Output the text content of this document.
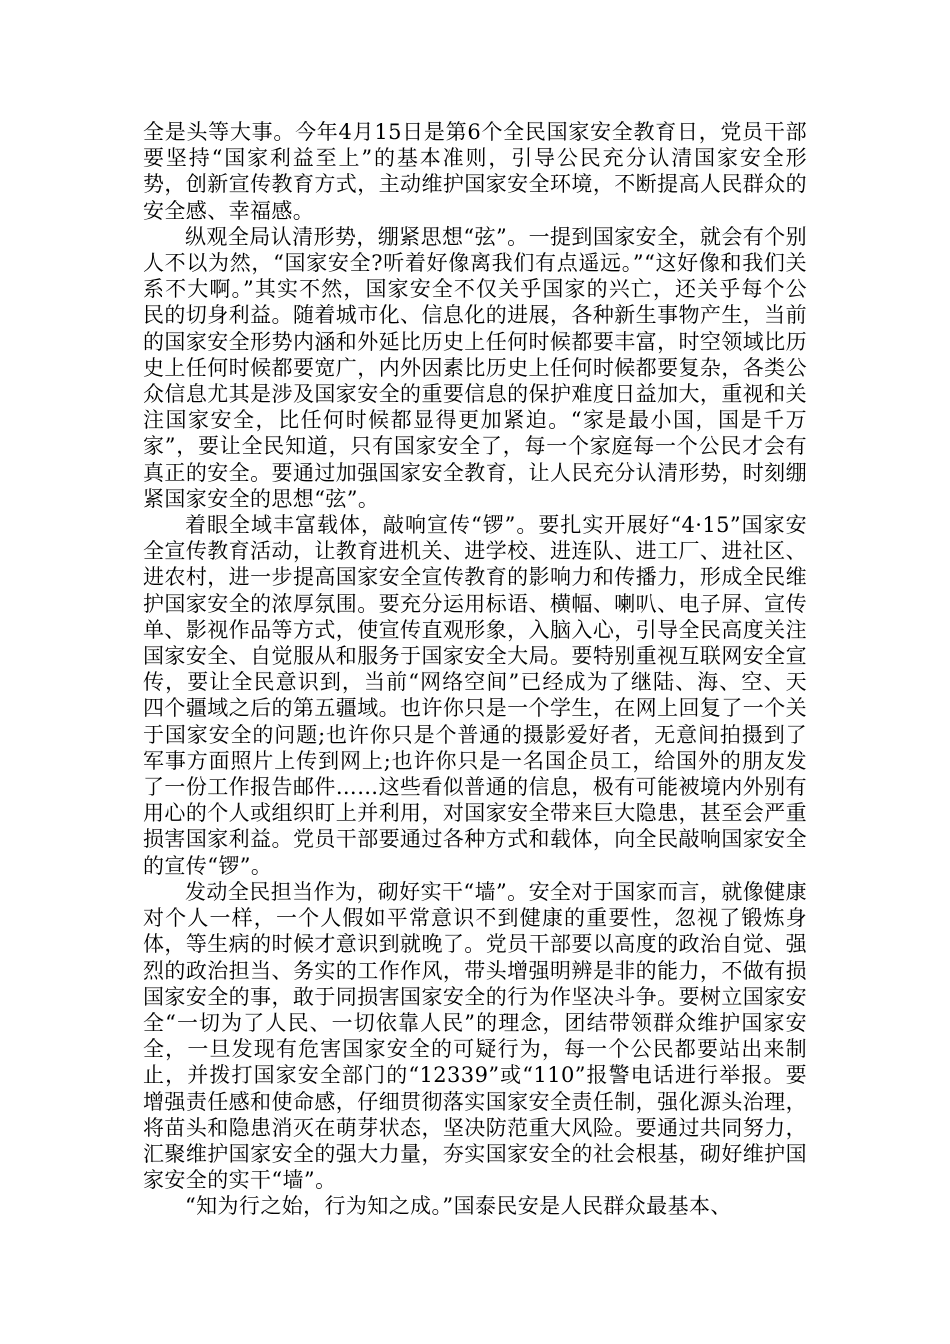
全是头等大事。今年4月15日是第6个全民国家安全教育日，党员干部要坚持“国家利益至上”的基本准则，引导公民充分认清国家安全形势，创新宣传教育方式，主动维护国家安全环境，不断提高人民群众的安全感、幸福感。

纵观全局认清形势，绷紧思想“弦”。一提到国家安全，就会有个别人不以为然，“国家安全?听着好像离我们有点遥远。”“这好像和我们关系不大啊。”其实不然，国家安全不仅关乎国家的兴亡，还关乎每个公民的切身利益。随着城市化、信息化的进展，各种新生事物产生，当前的国家安全形势内涵和外延比历史上任何时候都要丰富，时空领域比历史上任何时候都要宽广，内外因素比历史上任何时候都要复杂，各类公众信息尤其是涉及国家安全的重要信息的保护难度日益加大，重视和关注国家安全，比任何时候都显得更加紧迫。“家是最小国，国是千万家”，要让全民知道，只有国家安全了，每一个家庭每一个公民才会有真正的安全。要通过加强国家安全教育，让人民充分认清形势，时刻绷紧国家安全的思想“弦”。

着眼全域丰富载体，敲响宣传“锣”。要扎实开展好“4·15”国家安全宣传教育活动，让教育进机关、进学校、进连队、进工厂、进社区、进农村，进一步提高国家安全宣传教育的影响力和传播力，形成全民维护国家安全的浓厚氛围。要充分运用标语、横幅、喇叭、电子屏、宣传单、影视作品等方式，使宣传直观形象，入脑入心，引导全民高度关注国家安全、自觉服从和服务于国家安全大局。要特别重视互联网安全宣传，要让全民意识到，当前“网络空间”已经成为了继陆、海、空、天四个疆域之后的第五疆域。也许你只是一个学生，在网上回复了一个关于国家安全的问题;也许你只是个普通的摄影爱好者，无意间拍摄到了军事方面照片上传到网上;也许你只是一名国企员工，给国外的朋友发了一份工作报告邮件……这些看似普通的信息，极有可能被境内外别有用心的个人或组织盯上并利用，对国家安全带来巨大隐患，甚至会严重损害国家利益。党员干部要通过各种方式和载体，向全民敲响国家安全的宣传“锣”。

发动全民担当作为，砌好实干“墙”。安全对于国家而言，就像健康对个人一样，一个人假如平常意识不到健康的重要性，忽视了锻炼身体，等生病的时候才意识到就晚了。党员干部要以高度的政治自觉、强烈的政治担当、务实的工作作风，带头增强明辨是非的能力，不做有损国家安全的事，敢于同损害国家安全的行为作坚决斗争。要树立国家安全“一切为了人民、一切依靠人民”的理念，团结带领群众维护国家安全，一旦发现有危害国家安全的可疑行为，每一个公民都要站出来制止，并拨打国家安全部门的“12339”或“110”报警电话进行举报。要增强责任感和使命感，仔细贯彻落实国家安全责任制，强化源头治理，将苗头和隐患消灭在萌芽状态，坚决防范重大风险。要通过共同努力，汇聚维护国家安全的强大力量，夯实国家安全的社会根基，砌好维护国家安全的实干“墙”。

“知为行之始，行为知之成。”国泰民安是人民群众最基本、
